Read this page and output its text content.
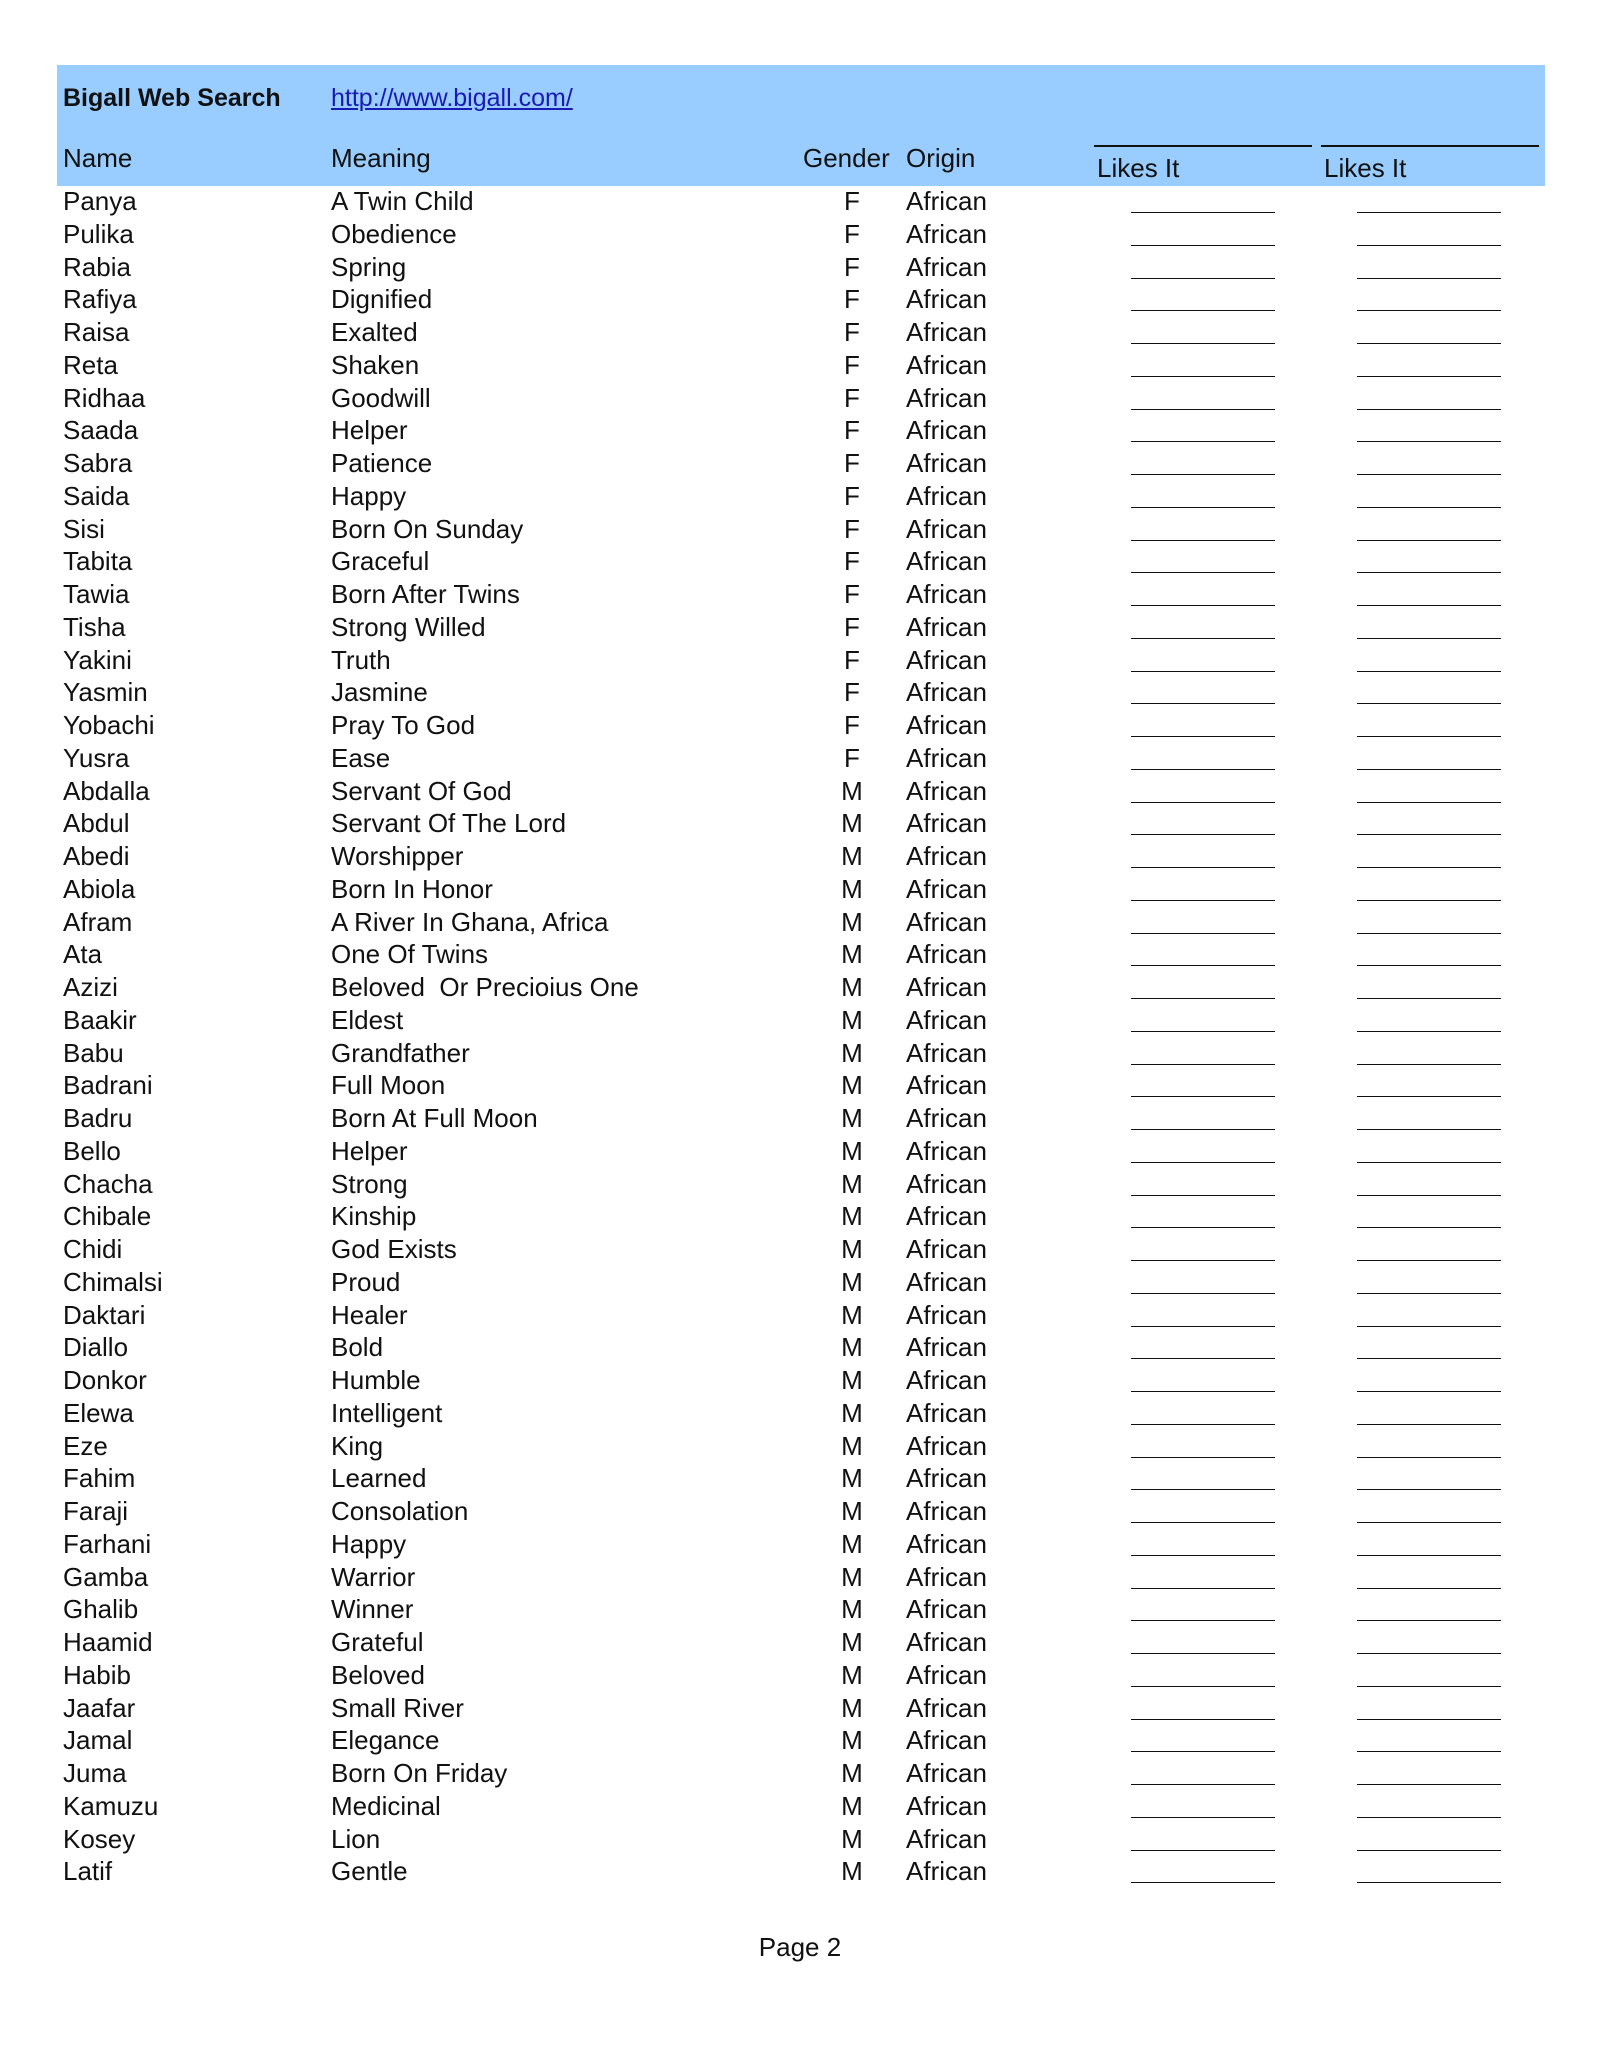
Bigall Web Search http://www.bigall.com/
Name	Meaning	Gender Origin	Likes It	Likes It
Panya	A Twin Child	F	African
Pulika	Obedience	F	African
Rabia	Spring	F	African
Rafiya	Dignified	F	African
Raisa	Exalted	F	African
Reta	Shaken	F	African
Ridhaa	Goodwill	F	African
Saada	Helper	F	African
Sabra	Patience	F	African
Saida	Happy	F	African
Sisi	Born On Sunday	F	African
Tabita	Graceful	F	African
Tawia	Born After Twins	F	African
Tisha	Strong Willed	F	African
Yakini	Truth	F	African
Yasmin	Jasmine	F	African
Yobachi	Pray To God	F	African
Yusra	Ease	F	African
Abdalla	Servant Of God	M	African
Abdul	Servant Of The Lord	M	African
Abedi	Worshipper	M	African
Abiola	Born In Honor	M	African
Afram	A River In Ghana, Africa	M	African
Ata	One Of Twins	M	African
Azizi	Beloved  Or Precioius One	M	African
Baakir	Eldest	M	African
Babu	Grandfather	M	African
Badrani	Full Moon	M	African
Badru	Born At Full Moon	M	African
Bello	Helper	M	African
Chacha	Strong	M	African
Chibale	Kinship	M	African
Chidi	God Exists	M	African
Chimalsi	Proud	M	African
Daktari	Healer	M	African
Diallo	Bold	M	African
Donkor	Humble	M	African
Elewa	Intelligent	M	African
Eze	King	M	African
Fahim	Learned	M	African
Faraji	Consolation	M	African
Farhani	Happy	M	African
Gamba	Warrior	M	African
Ghalib	Winner	M	African
Haamid	Grateful	M	African
Habib	Beloved	M	African
Jaafar	Small River	M	African
Jamal	Elegance	M	African
Juma	Born On Friday	M	African
Kamuzu	Medicinal	M	African
Kosey	Lion	M	African
Latif	Gentle	M	African
Page 2
